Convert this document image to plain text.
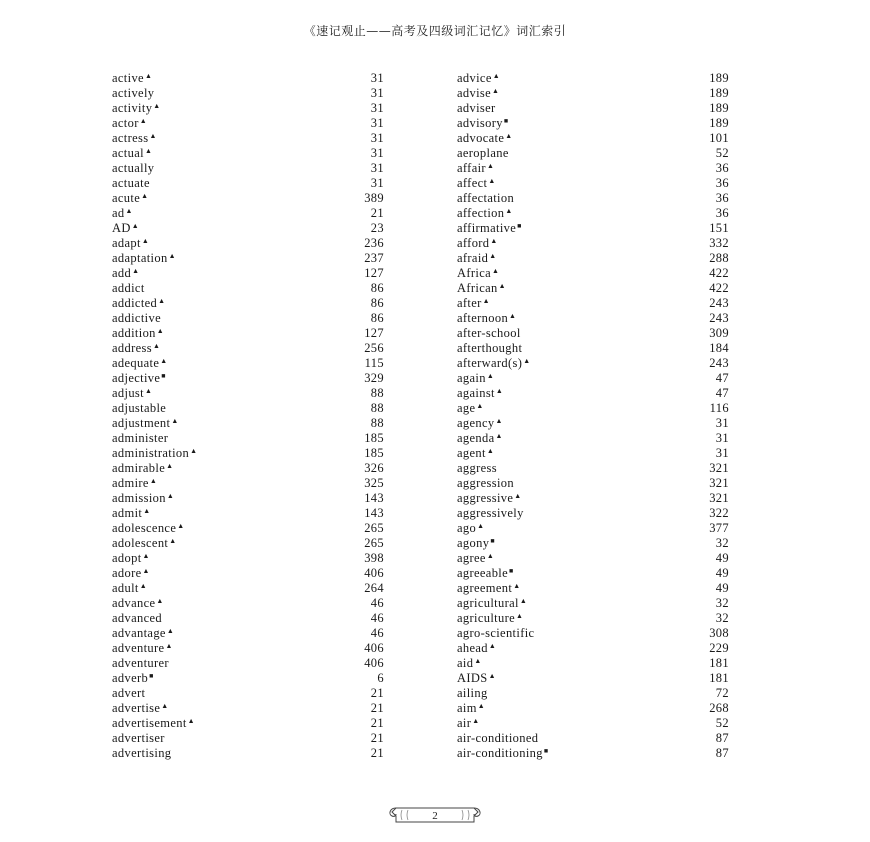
《速记观止——高考及四级词汇记忆》词汇索引
active▲	31
actively	31
activity▲	31
actor▲	31
actress▲	31
actual▲	31
actually	31
actuate	31
acute▲	389
ad▲	21
AD▲	23
adapt▲	236
adaptation▲	237
add▲	127
addict	86
addicted▲	86
addictive	86
addition▲	127
address▲	256
adequate▲	115
adjective■	329
adjust▲	88
adjustable	88
adjustment▲	88
administer	185
administration▲	185
admirable▲	326
admire▲	325
admission▲	143
admit▲	143
adolescence▲	265
adolescent▲	265
adopt▲	398
adore▲	406
adult▲	264
advance▲	46
advanced	46
advantage▲	46
adventure▲	406
adventurer	406
adverb■	6
advert	21
advertise▲	21
advertisement▲	21
advertiser	21
advertising	21
advice▲	189
advise▲	189
adviser	189
advisory■	189
advocate▲	101
aeroplane	52
affair▲	36
affect▲	36
affectation	36
affection▲	36
affirmative■	151
afford▲	332
afraid▲	288
Africa▲	422
African▲	422
after▲	243
afternoon▲	243
after-school	309
afterthought	184
afterward(s)▲	243
again▲	47
against▲	47
age▲	116
agency▲	31
agenda▲	31
agent▲	31
aggress	321
aggression	321
aggressive▲	321
aggressively	322
ago▲	377
agony■	32
agree▲	49
agreeable■	49
agreement▲	49
agricultural▲	32
agriculture▲	32
agro-scientific	308
ahead▲	229
aid▲	181
AIDS▲	181
ailing	72
aim▲	268
air▲	52
air-conditioned	87
air-conditioning■	87
2
